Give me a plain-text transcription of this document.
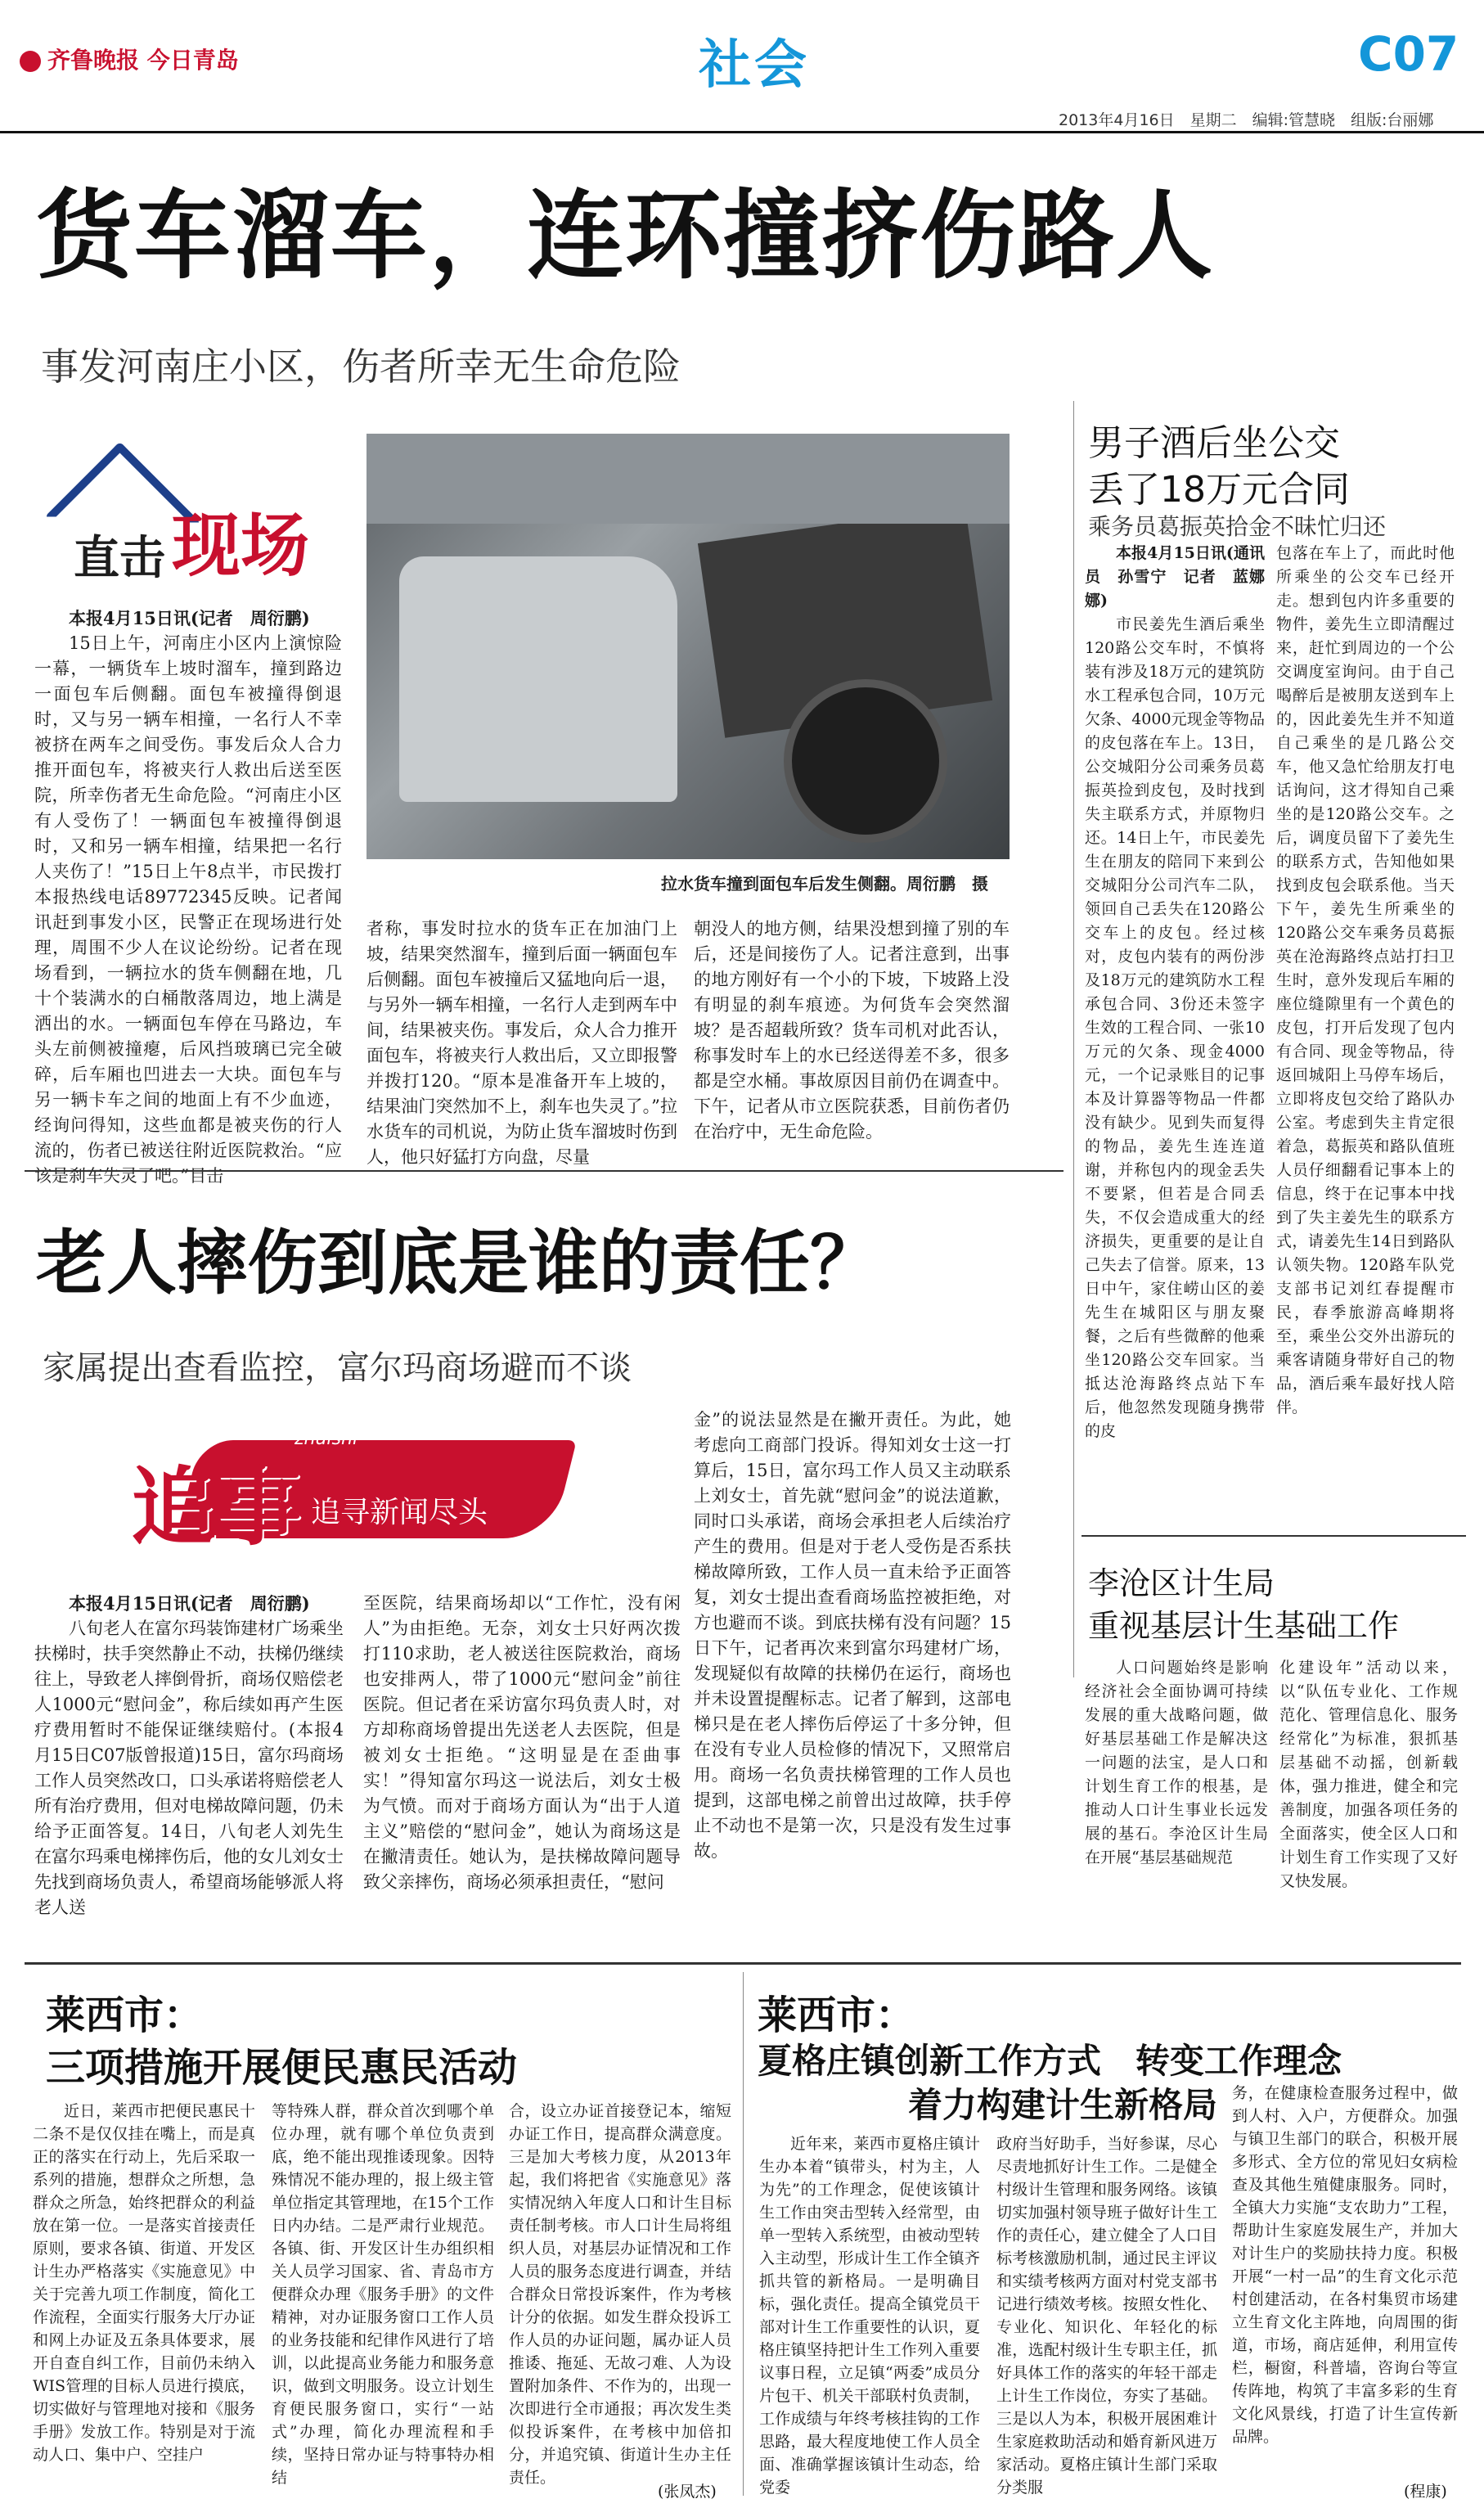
齐鲁晚报 今日青岛	社会	C07
2013年4月16日　星期二　编辑:管慧晓　组版:台丽娜
货车溜车，连环撞挤伤路人
事发河南庄小区，伤者所幸无生命危险
直击 现场
拉水货车撞到面包车后发生侧翻。周衍鹏　摄

本报4月15日讯(记者　周衍鹏)

15日上午，河南庄小区内上演惊险一幕，一辆货车上坡时溜车，撞到路边一面包车后侧翻。面包车被撞得倒退时，又与另一辆车相撞，一名行人不幸被挤在两车之间受伤。事发后众人合力推开面包车，将被夹行人救出后送至医院，所幸伤者无生命危险。“河南庄小区有人受伤了！一辆面包车被撞得倒退时，又和另一辆车相撞，结果把一名行人夹伤了！”15日上午8点半，市民拨打本报热线电话89772345反映。记者闻讯赶到事发小区，民警正在现场进行处理，周围不少人在议论纷纷。记者在现场看到，一辆拉水的货车侧翻在地，几十个装满水的白桶散落周边，地上满是洒出的水。一辆面包车停在马路边，车头左前侧被撞瘪，后风挡玻璃已完全破碎，后车厢也凹进去一大块。面包车与另一辆卡车之间的地面上有不少血迹，经询问得知，这些血都是被夹伤的行人流的，伤者已被送往附近医院救治。“应该是刹车失灵了吧。”目击

者称，事发时拉水的货车正在加油门上坡，结果突然溜车，撞到后面一辆面包车后侧翻。面包车被撞后又猛地向后一退，与另外一辆车相撞，一名行人走到两车中间，结果被夹伤。事发后，众人合力推开面包车，将被夹行人救出后，又立即报警并拨打120。“原本是准备开车上坡的，结果油门突然加不上，刹车也失灵了。”拉水货车的司机说，为防止货车溜坡时伤到人，他只好猛打方向盘，尽量

朝没人的地方侧，结果没想到撞了别的车后，还是间接伤了人。记者注意到，出事的地方刚好有一个小的下坡，下坡路上没有明显的刹车痕迹。为何货车会突然溜坡？是否超载所致？货车司机对此否认，称事发时车上的水已经送得差不多，很多都是空水桶。事故原因目前仍在调查中。下午，记者从市立医院获悉，目前伤者仍在治疗中，无生命危险。

男子酒后坐公交
丢了18万元合同
乘务员葛振英拾金不昧忙归还

本报4月15日讯(通讯员　孙雪宁　记者　蓝娜娜)

市民姜先生酒后乘坐120路公交车时，不慎将装有涉及18万元的建筑防水工程承包合同，10万元欠条、4000元现金等物品的皮包落在车上。13日，公交城阳分公司乘务员葛振英捡到皮包，及时找到失主联系方式，并原物归还。14日上午，市民姜先生在朋友的陪同下来到公交城阳分公司汽车二队，领回自己丢失在120路公交车上的皮包。经过核对，皮包内装有的两份涉及18万元的建筑防水工程承包合同、3份还未签字生效的工程合同、一张10万元的欠条、现金4000元，一个记录账目的记事本及计算器等物品一件都没有缺少。见到失而复得的物品，姜先生连连道谢，并称包内的现金丢失不要紧，但若是合同丢失，不仅会造成重大的经济损失，更重要的是让自己失去了信誉。原来，13日中午，家住崂山区的姜先生在城阳区与朋友聚餐，之后有些微醉的他乘坐120路公交车回家。当抵达沧海路终点站下车后，他忽然发现随身携带的皮

包落在车上了，而此时他所乘坐的公交车已经开走。想到包内许多重要的物件，姜先生立即清醒过来，赶忙到周边的一个公交调度室询问。由于自己喝醉后是被朋友送到车上的，因此姜先生并不知道自己乘坐的是几路公交车，他又急忙给朋友打电话询问，这才得知自己乘坐的是120路公交车。之后，调度员留下了姜先生的联系方式，告知他如果找到皮包会联系他。当天下午，姜先生所乘坐的120路公交车乘务员葛振英在沧海路终点站打扫卫生时，意外发现后车厢的座位缝隙里有一个黄色的皮包，打开后发现了包内有合同、现金等物品，待返回城阳上马停车场后，立即将皮包交给了路队办公室。考虑到失主肯定很着急，葛振英和路队值班人员仔细翻看记事本上的信息，终于在记事本中找到了失主姜先生的联系方式，请姜先生14日到路队认领失物。120路车队党支部书记刘红春提醒市民，春季旅游高峰期将至，乘坐公交外出游玩的乘客请随身带好自己的物品，酒后乘车最好找人陪伴。

老人摔伤到底是谁的责任？
家属提出查看监控，富尔玛商场避而不谈
zhuishi
追事 追寻新闻尽头

本报4月15日讯(记者　周衍鹏)

八旬老人在富尔玛装饰建材广场乘坐扶梯时，扶手突然静止不动，扶梯仍继续往上，导致老人摔倒骨折，商场仅赔偿老人1000元“慰问金”，称后续如再产生医疗费用暂时不能保证继续赔付。(本报4月15日C07版曾报道)15日，富尔玛商场工作人员突然改口，口头承诺将赔偿老人所有治疗费用，但对电梯故障问题，仍未给予正面答复。14日，八旬老人刘先生在富尔玛乘电梯摔伤后，他的女儿刘女士先找到商场负责人，希望商场能够派人将老人送

至医院，结果商场却以“工作忙，没有闲人”为由拒绝。无奈，刘女士只好两次拨打110求助，老人被送往医院救治，商场也安排两人，带了1000元“慰问金”前往医院。但记者在采访富尔玛负责人时，对方却称商场曾提出先送老人去医院，但是被刘女士拒绝。“这明显是在歪曲事实！”得知富尔玛这一说法后，刘女士极为气愤。而对于商场方面认为“出于人道主义”赔偿的“慰问金”，她认为商场这是在撇清责任。她认为，是扶梯故障问题导致父亲摔伤，商场必须承担责任，“慰问

金”的说法显然是在撇开责任。为此，她考虑向工商部门投诉。得知刘女士这一打算后，15日，富尔玛工作人员又主动联系上刘女士，首先就“慰问金”的说法道歉，同时口头承诺，商场会承担老人后续治疗产生的费用。但是对于老人受伤是否系扶梯故障所致，工作人员一直未给予正面答复，刘女士提出查看商场监控被拒绝，对方也避而不谈。到底扶梯有没有问题？15日下午，记者再次来到富尔玛建材广场，发现疑似有故障的扶梯仍在运行，商场也并未设置提醒标志。记者了解到，这部电梯只是在老人摔伤后停运了十多分钟，但在没有专业人员检修的情况下，又照常启用。商场一名负责扶梯管理的工作人员也提到，这部电梯之前曾出过故障，扶手停止不动也不是第一次，只是没有发生过事故。

李沧区计生局
重视基层计生基础工作

人口问题始终是影响经济社会全面协调可持续发展的重大战略问题，做好基层基础工作是解决这一问题的法宝，是人口和计划生育工作的根基，是推动人口计生事业长远发展的基石。李沧区计生局在开展“基层基础规范

化建设年”活动以来，以“队伍专业化、工作规范化、管理信息化、服务经常化”为标准，狠抓基层基础不动摇，创新载体，强力推进，健全和完善制度，加强各项任务的全面落实，使全区人口和计划生育工作实现了又好又快发展。

莱西市：
三项措施开展便民惠民活动

近日，莱西市把便民惠民十二条不是仅仅挂在嘴上，而是真正的落实在行动上，先后采取一系列的措施，想群众之所想，急群众之所急，始终把群众的利益放在第一位。一是落实首接责任原则，要求各镇、街道、开发区计生办严格落实《实施意见》中关于完善九项工作制度，简化工作流程，全面实行服务大厅办证和网上办证及五条具体要求，展开自查自纠工作，目前仍未纳入WIS管理的目标人员进行摸底，切实做好与管理地对接和《服务手册》发放工作。特别是对于流动人口、集中户、空挂户

等特殊人群，群众首次到哪个单位办理，就有哪个单位负责到底，绝不能出现推诿现象。因特殊情况不能办理的，报上级主管单位指定其管理地，在15个工作日内办结。二是严肃行业规范。各镇、街、开发区计生办组织相关人员学习国家、省、青岛市方便群众办理《服务手册》的文件精神，对办证服务窗口工作人员的业务技能和纪律作风进行了培训，以此提高业务能力和服务意识，做到文明服务。设立计划生育便民服务窗口，实行“一站式”办理，简化办理流程和手续，坚持日常办证与特事特办相结

合，设立办证首接登记本，缩短办证工作日，提高群众满意度。三是加大考核力度，从2013年起，我们将把省《实施意见》落实情况纳入年度人口和计生目标责任制考核。市人口计生局将组织人员，对基层办证情况和工作人员的服务态度进行调查，并结合群众日常投诉案件，作为考核计分的依据。如发生群众投诉工作人员的办证问题，属办证人员推诿、拖延、无故刁难、人为设置附加条件、不作为的，出现一次即进行全市通报；再次发生类似投诉案件，在考核中加倍扣分，并追究镇、街道计生办主任责任。

(张凤杰)
莱西市：
夏格庄镇创新工作方式　转变工作理念
着力构建计生新格局

近年来，莱西市夏格庄镇计生办本着“镇带头，村为主，人为先”的工作理念，促使该镇计生工作由突击型转入经常型，由单一型转入系统型，由被动型转入主动型，形成计生工作全镇齐抓共管的新格局。一是明确目标，强化责任。提高全镇党员干部对计生工作重要性的认识，夏格庄镇坚持把计生工作列入重要议事日程，立足镇“两委”成员分片包干、机关干部联村负责制，工作成绩与年终考核挂钩的工作思路，最大程度地使工作人员全面、准确掌握该镇计生动态，给党委

政府当好助手，当好参谋，尽心尽责地抓好计生工作。二是健全村级计生管理和服务网络。该镇切实加强村领导班子做好计生工作的责任心，建立健全了人口目标考核激励机制，通过民主评议和实绩考核两方面对村党支部书记进行绩效考核。按照女性化、专业化、知识化、年轻化的标准，选配村级计生专职主任，抓好具体工作的落实的年轻干部走上计生工作岗位，夯实了基础。三是以人为本，积极开展困难计生家庭救助活动和婚育新风进万家活动。夏格庄镇计生部门采取分类服

务，在健康检查服务过程中，做到人村、入户，方便群众。加强与镇卫生部门的联合，积极开展多形式、全方位的常见妇女病检查及其他生殖健康服务。同时，全镇大力实施“支农助力”工程，帮助计生家庭发展生产，并加大对计生户的奖励扶持力度。积极开展“一村一品”的生育文化示范村创建活动，在各村集贸市场建立生育文化主阵地，向周围的街道，市场，商店延伸，利用宣传栏，橱窗，科普墙，咨询台等宣传阵地，构筑了丰富多彩的生育文化风景线，打造了计生宣传新品牌。

(程康)
